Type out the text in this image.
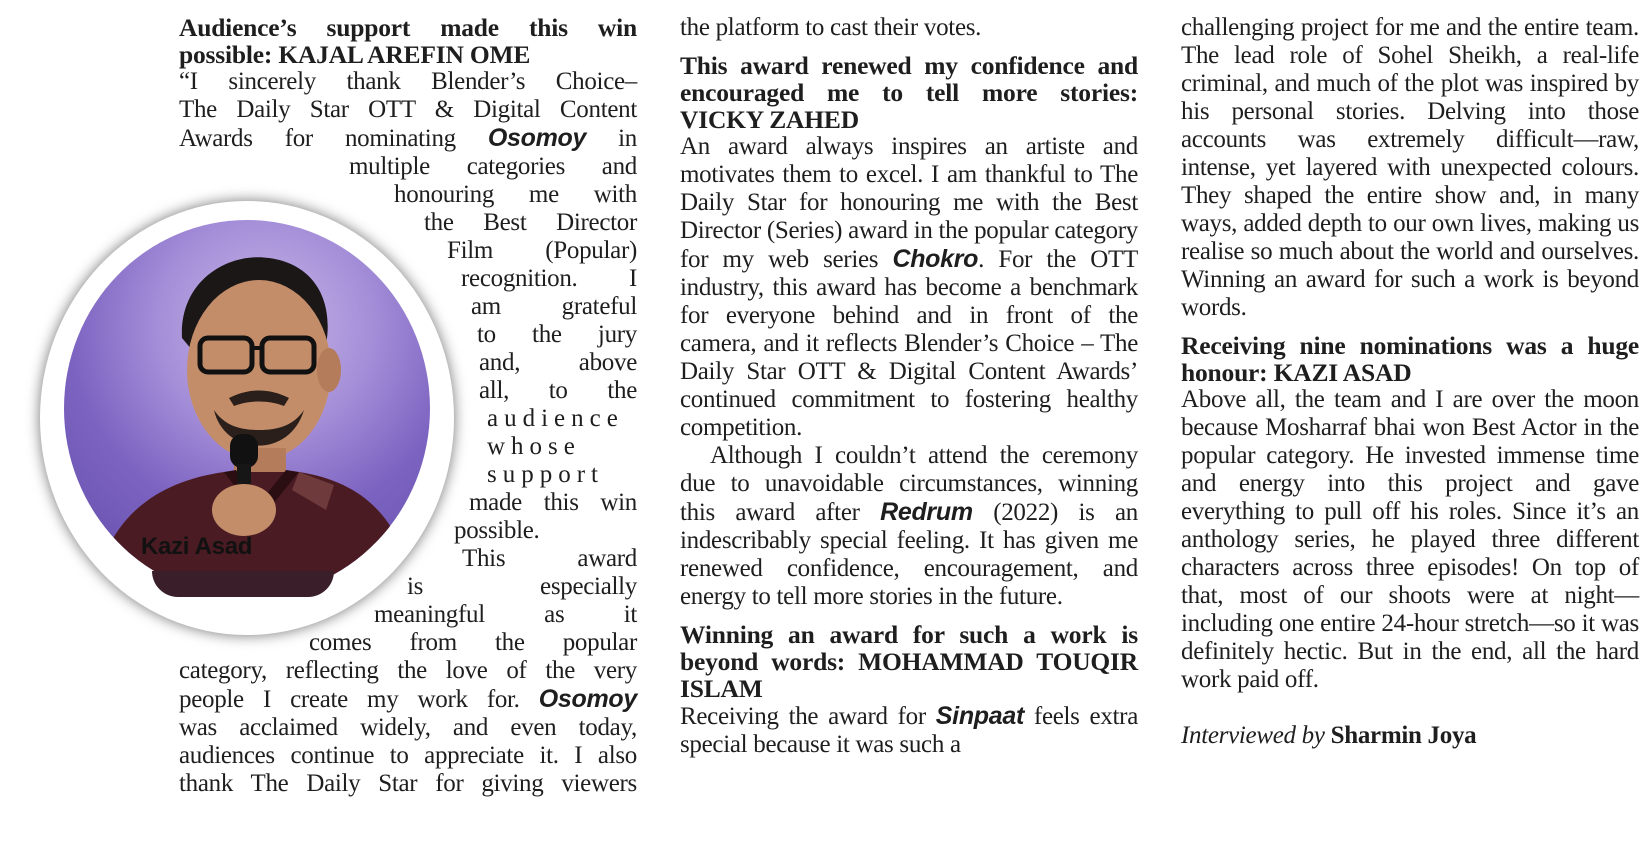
Audience’s support made this win possible: KAJAL AREFIN OME
“I sincerely thank Blender’s Choice–
The Daily Star OTT & Digital Content
Awards for nominating Osomoy in
multiple categories and
honouring me with
the Best Director
Film (Popular)
recognition. I
am grateful
to the jury
and, above
all, to the
audience
whose
support
made this win
possible.
This award
is especially
meaningful as it
comes from the popular
category, reflecting the love of the very
people I create my work for. Osomoy
was acclaimed widely, and even today,
audiences continue to appreciate it. I also
thank The Daily Star for giving viewers
Kazi Asad

the platform to cast their votes.

This award renewed my confidence and encouraged me to tell more stories: VICKY ZAHED

An award always inspires an artiste and motivates them to excel. I am thankful to The Daily Star for honouring me with the Best Director (Series) award in the popular category for my web series Chokro. For the OTT industry, this award has become a benchmark for everyone behind and in front of the camera, and it reflects Blender’s Choice – The Daily Star OTT & Digital Content Awards’ continued commitment to fostering healthy competition.

Although I couldn’t attend the ceremony due to unavoidable circumstances, winning this award after Redrum (2022) is an indescribably special feeling. It has given me renewed confidence, encouragement, and energy to tell more stories in the future.

Winning an award for such a work is beyond words: MOHAMMAD TOUQIR ISLAM

Receiving the award for Sinpaat feels extra special because it was such a

challenging project for me and the entire team. The lead role of Sohel Sheikh, a real-life criminal, and much of the plot was inspired by his personal stories. Delving into those accounts was extremely difficult—raw, intense, yet layered with unexpected colours. They shaped the entire show and, in many ways, added depth to our own lives, making us realise so much about the world and ourselves. Winning an award for such a work is beyond words.

Receiving nine nominations was a huge honour: KAZI ASAD

Above all, the team and I are over the moon because Mosharraf bhai won Best Actor in the popular category. He invested immense time and energy into this project and gave everything to pull off his roles. Since it’s an anthology series, he played three different characters across three episodes! On top of that, most of our shoots were at night—including one entire 24-hour stretch—so it was definitely hectic. But in the end, all the hard work paid off.

Interviewed by Sharmin Joya
